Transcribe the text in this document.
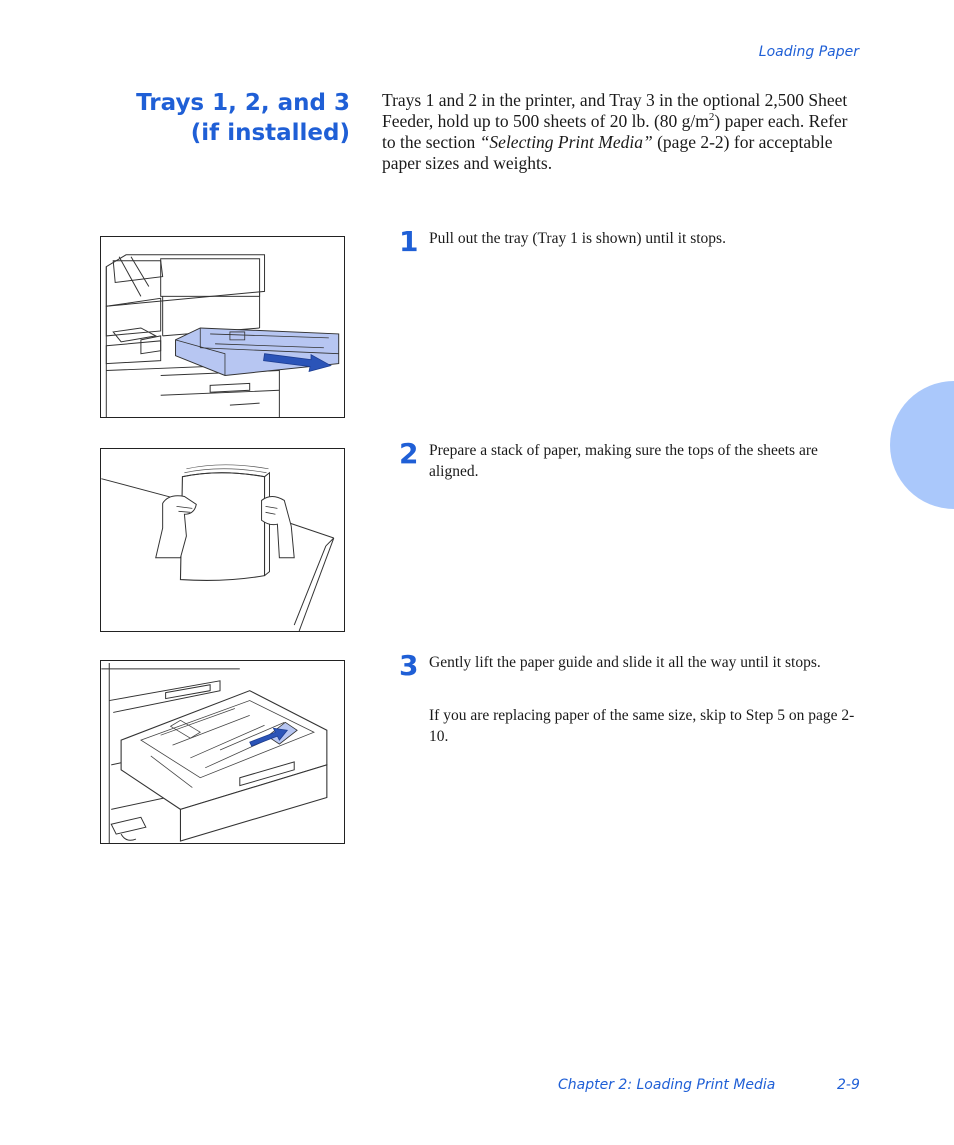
Loading Paper
Trays 1, 2, and 3 (if installed)

Trays 1 and 2 in the printer, and Tray 3 in the optional 2,500 Sheet Feeder, hold up to 500 sheets of 20 lb. (80 $g/m^2$) paper each. Refer to the section “Selecting Print Media” (page 2-2) for acceptable paper sizes and weights.

1 Pull out the tray (Tray 1 is shown) until it stops.

2 Prepare a stack of paper, making sure the tops of the sheets are aligned.

3 Gently lift the paper guide and slide it all the way until it stops.

If you are replacing paper of the same size, skip to Step 5 on page 2-10.

Chapter 2: Loading Print Media	2-9
